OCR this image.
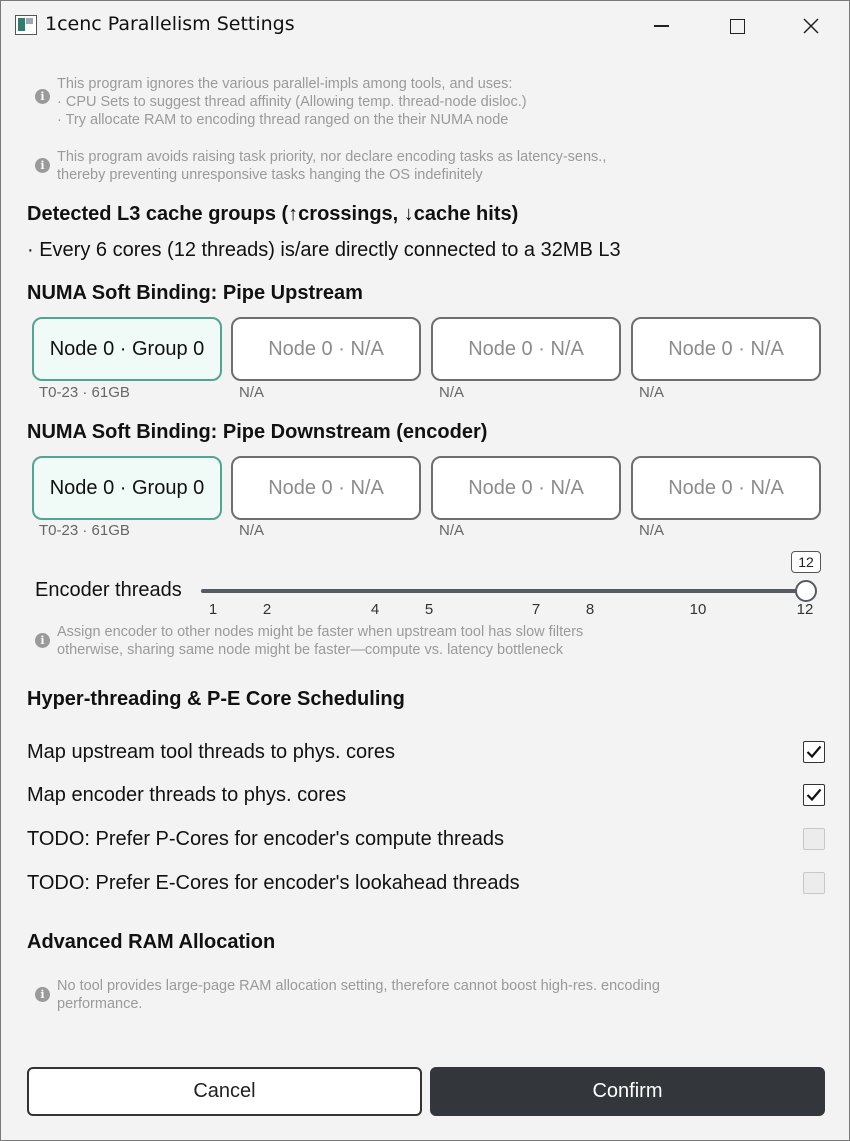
1cenc Parallelism Settings
i
This program ignores the various parallel-impls among tools, and uses:
· CPU Sets to suggest thread affinity (Allowing temp. thread-node disloc.)
· Try allocate RAM to encoding thread ranged on the their NUMA node
i
This program avoids raising task priority, nor declare encoding tasks as latency-sens.,
thereby preventing unresponsive tasks hanging the OS indefinitely
Detected L3 cache groups (↑crossings, ↓cache hits)
· Every 6 cores (12 threads) is/are directly connected to a 32MB L3
NUMA Soft Binding: Pipe Upstream
Node 0 · Group 0	Node 0 · N/A	Node 0 · N/A	Node 0 · N/A
T0-23 · 61GB	N/A	N/A	N/A
NUMA Soft Binding: Pipe Downstream (encoder)
Node 0 · Group 0	Node 0 · N/A	Node 0 · N/A	Node 0 · N/A
T0-23 · 61GB	N/A	N/A	N/A
12
Encoder threads
1	2	4	5	7	8	10	12
i
Assign encoder to other nodes might be faster when upstream tool has slow filters
otherwise, sharing same node might be faster—compute vs. latency bottleneck
Hyper-threading & P-E Core Scheduling
Map upstream tool threads to phys. cores
Map encoder threads to phys. cores
TODO: Prefer P-Cores for encoder's compute threads
TODO: Prefer E-Cores for encoder's lookahead threads
Advanced RAM Allocation
i
No tool provides large-page RAM allocation setting, therefore cannot boost high-res. encoding
performance.
Cancel	Confirm
